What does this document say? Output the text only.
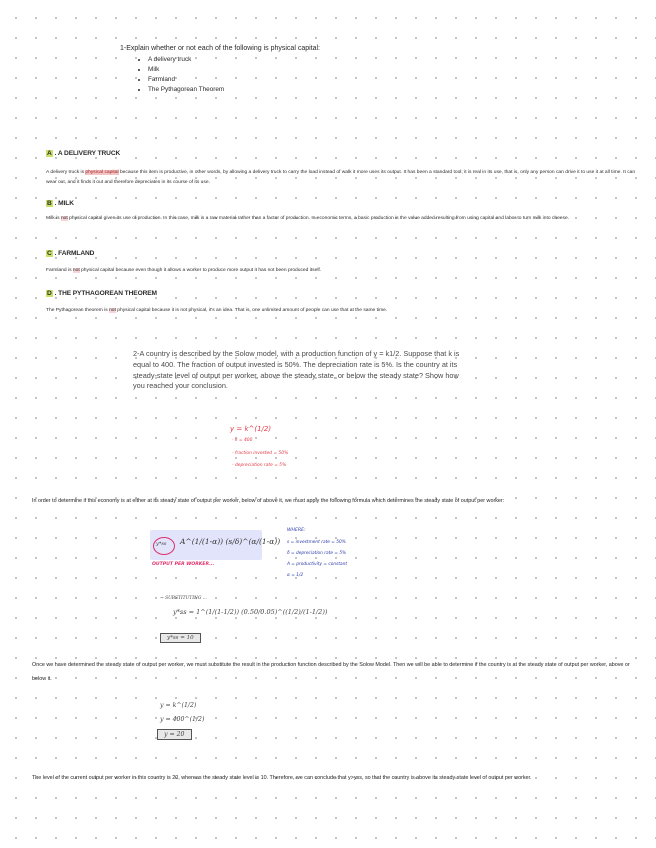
1-Explain whether or not each of the following is physical capital:
• A delivery truck
• Milk
• Farmland
• The Pythagorean Theorem
A . A DELIVERY TRUCK
A delivery truck is physical capital because this item is productive, in other words, by allowing a delivery truck to carry the load instead of walk it more uses its output. It has been a standard tool; it is real in its use, that is, only any person can drive it to use it at all time. It can wear out, and it finds it out and therefore depreciates in its course of its use.
B . MILK
Milk is not physical capital given its use of production. In this case, milk is a raw material rather than a factor of production. In economic terms, a basic production is the value added resulting from using capital and labor to turn milk into cheese.
C . FARMLAND
Farmland is not physical capital because even though it allows a worker to produce more output it has not been produced itself.
D . THE PYTHAGOREAN THEOREM
The Pythagorean theorem is not physical capital because it is not physical, it's an idea. That is, one unlimited amount of people can use that at the same time.
2-A country is described by the Solow model, with a production function of y = k1/2. Suppose that k is equal to 400. The fraction of output invested is 50%. The depreciation rate is 5%. Is the country at its steady-state level of output per worker, above the steady state, or below the steady state? Show how you reached your conclusion.
y = k^(1/2)
- k = 400
- fraction invested = 50%
- depreciation rate = 5%
In order to determine if this economy is at either at its steady state of output per worker, below of above it, we must apply the following formula which determines the steady state of output per worker:
y*ss A^(1/(1-α)) (s/δ)^(α/(1-α))
OUTPUT PER WORKER...
WHERE:
s = investment rate = 50%
δ = depreciation rate = 5%
A = productivity = constant
α = 1/2
→ SUBSTITUTING ...
y*ss = 1^(1/(1-1/2)) (0.50/0.05)^((1/2)/(1-1/2))
y*ss = 10
Once we have determined the steady state of output per worker, we must substitute the result in the production function described by the Solow Model. Then we will be able to determine if the country is at the steady state of output per worker, above or below it.
y = k^(1/2)
y = 400^(1/2)
y = 20
The level of the current output per worker in this country is 20, whereas the steady state level is 10. Therefore, we can conclude that y>yss, so that the country is above its steady state level of output per worker.
